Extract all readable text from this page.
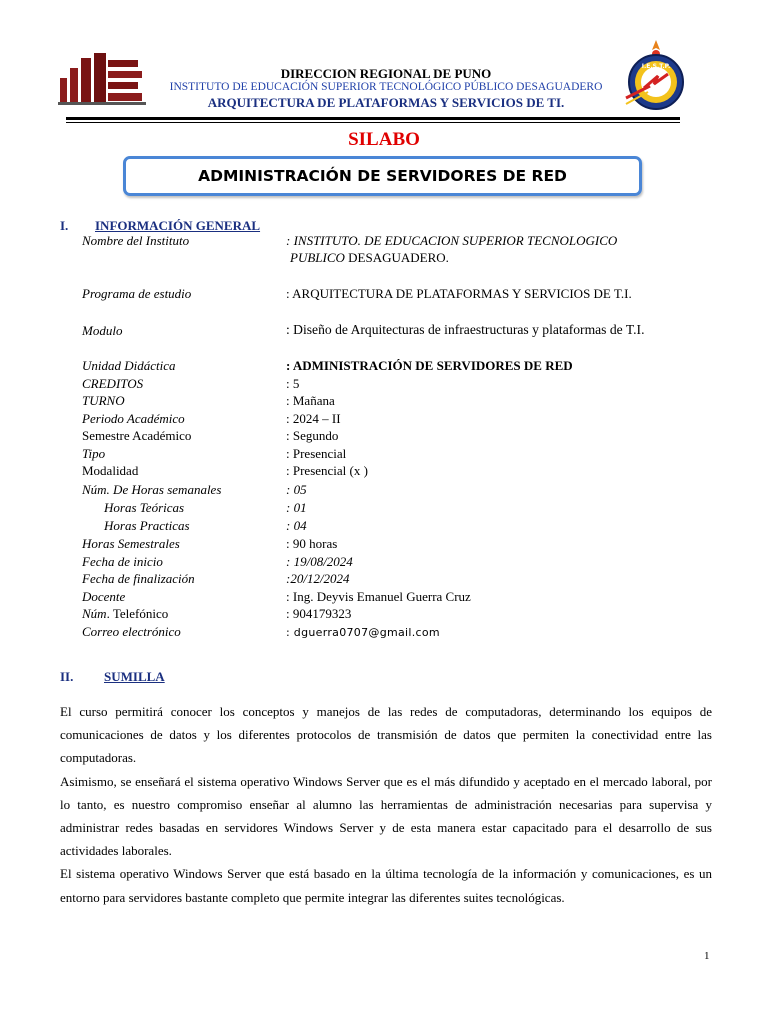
DIRECCION REGIONAL DE PUNO
INSTITUTO DE EDUCACIÓN SUPERIOR TECNOLÓGICO PÚBLICO DESAGUADERO
ARQUITECTURA DE PLATAFORMAS Y SERVICIOS DE TI.
I.E.S.T.P.
SILABO
ADMINISTRACIÓN DE SERVIDORES DE RED
I. INFORMACIÓN GENERAL
Nombre del Instituto	: INSTITUTO. DE EDUCACION SUPERIOR TECNOLOGICO
PUBLICO DESAGUADERO.
Programa de estudio	: ARQUITECTURA DE PLATAFORMAS Y SERVICIOS DE T.I.
Modulo	: Diseño de Arquitecturas de infraestructuras y plataformas de T.I.
Unidad Didáctica	: ADMINISTRACIÓN DE SERVIDORES DE RED
CREDITOS	: 5
TURNO	: Mañana
Periodo Académico	: 2024 – II
Semestre Académico	: Segundo
Tipo	: Presencial
Modalidad	: Presencial (x )
Núm. De Horas semanales	: 05
Horas Teóricas	: 01
Horas Practicas	: 04
Horas Semestrales	: 90 horas
Fecha de inicio	: 19/08/2024
Fecha de finalización	:20/12/2024
Docente	: Ing. Deyvis Emanuel Guerra Cruz
Núm. Telefónico	: 904179323
Correo electrónico	: dguerra0707@gmail.com
II. SUMILLA

El curso permitirá conocer los conceptos y manejos de las redes de computadoras, determinando los equipos de comunicaciones de datos y los diferentes protocolos de transmisión de datos que permiten la conectividad entre las computadoras.

Asimismo, se enseñará el sistema operativo Windows Server que es el más difundido y aceptado en el mercado laboral, por lo tanto, es nuestro compromiso enseñar al alumno las herramientas de administración necesarias para supervisa y administrar redes basadas en servidores Windows Server y de esta manera estar capacitado para el desarrollo de sus actividades laborales.

El sistema operativo Windows Server que está basado en la última tecnología de la información y comunicaciones, es un entorno para servidores bastante completo que permite integrar las diferentes suites tecnológicas.

1
